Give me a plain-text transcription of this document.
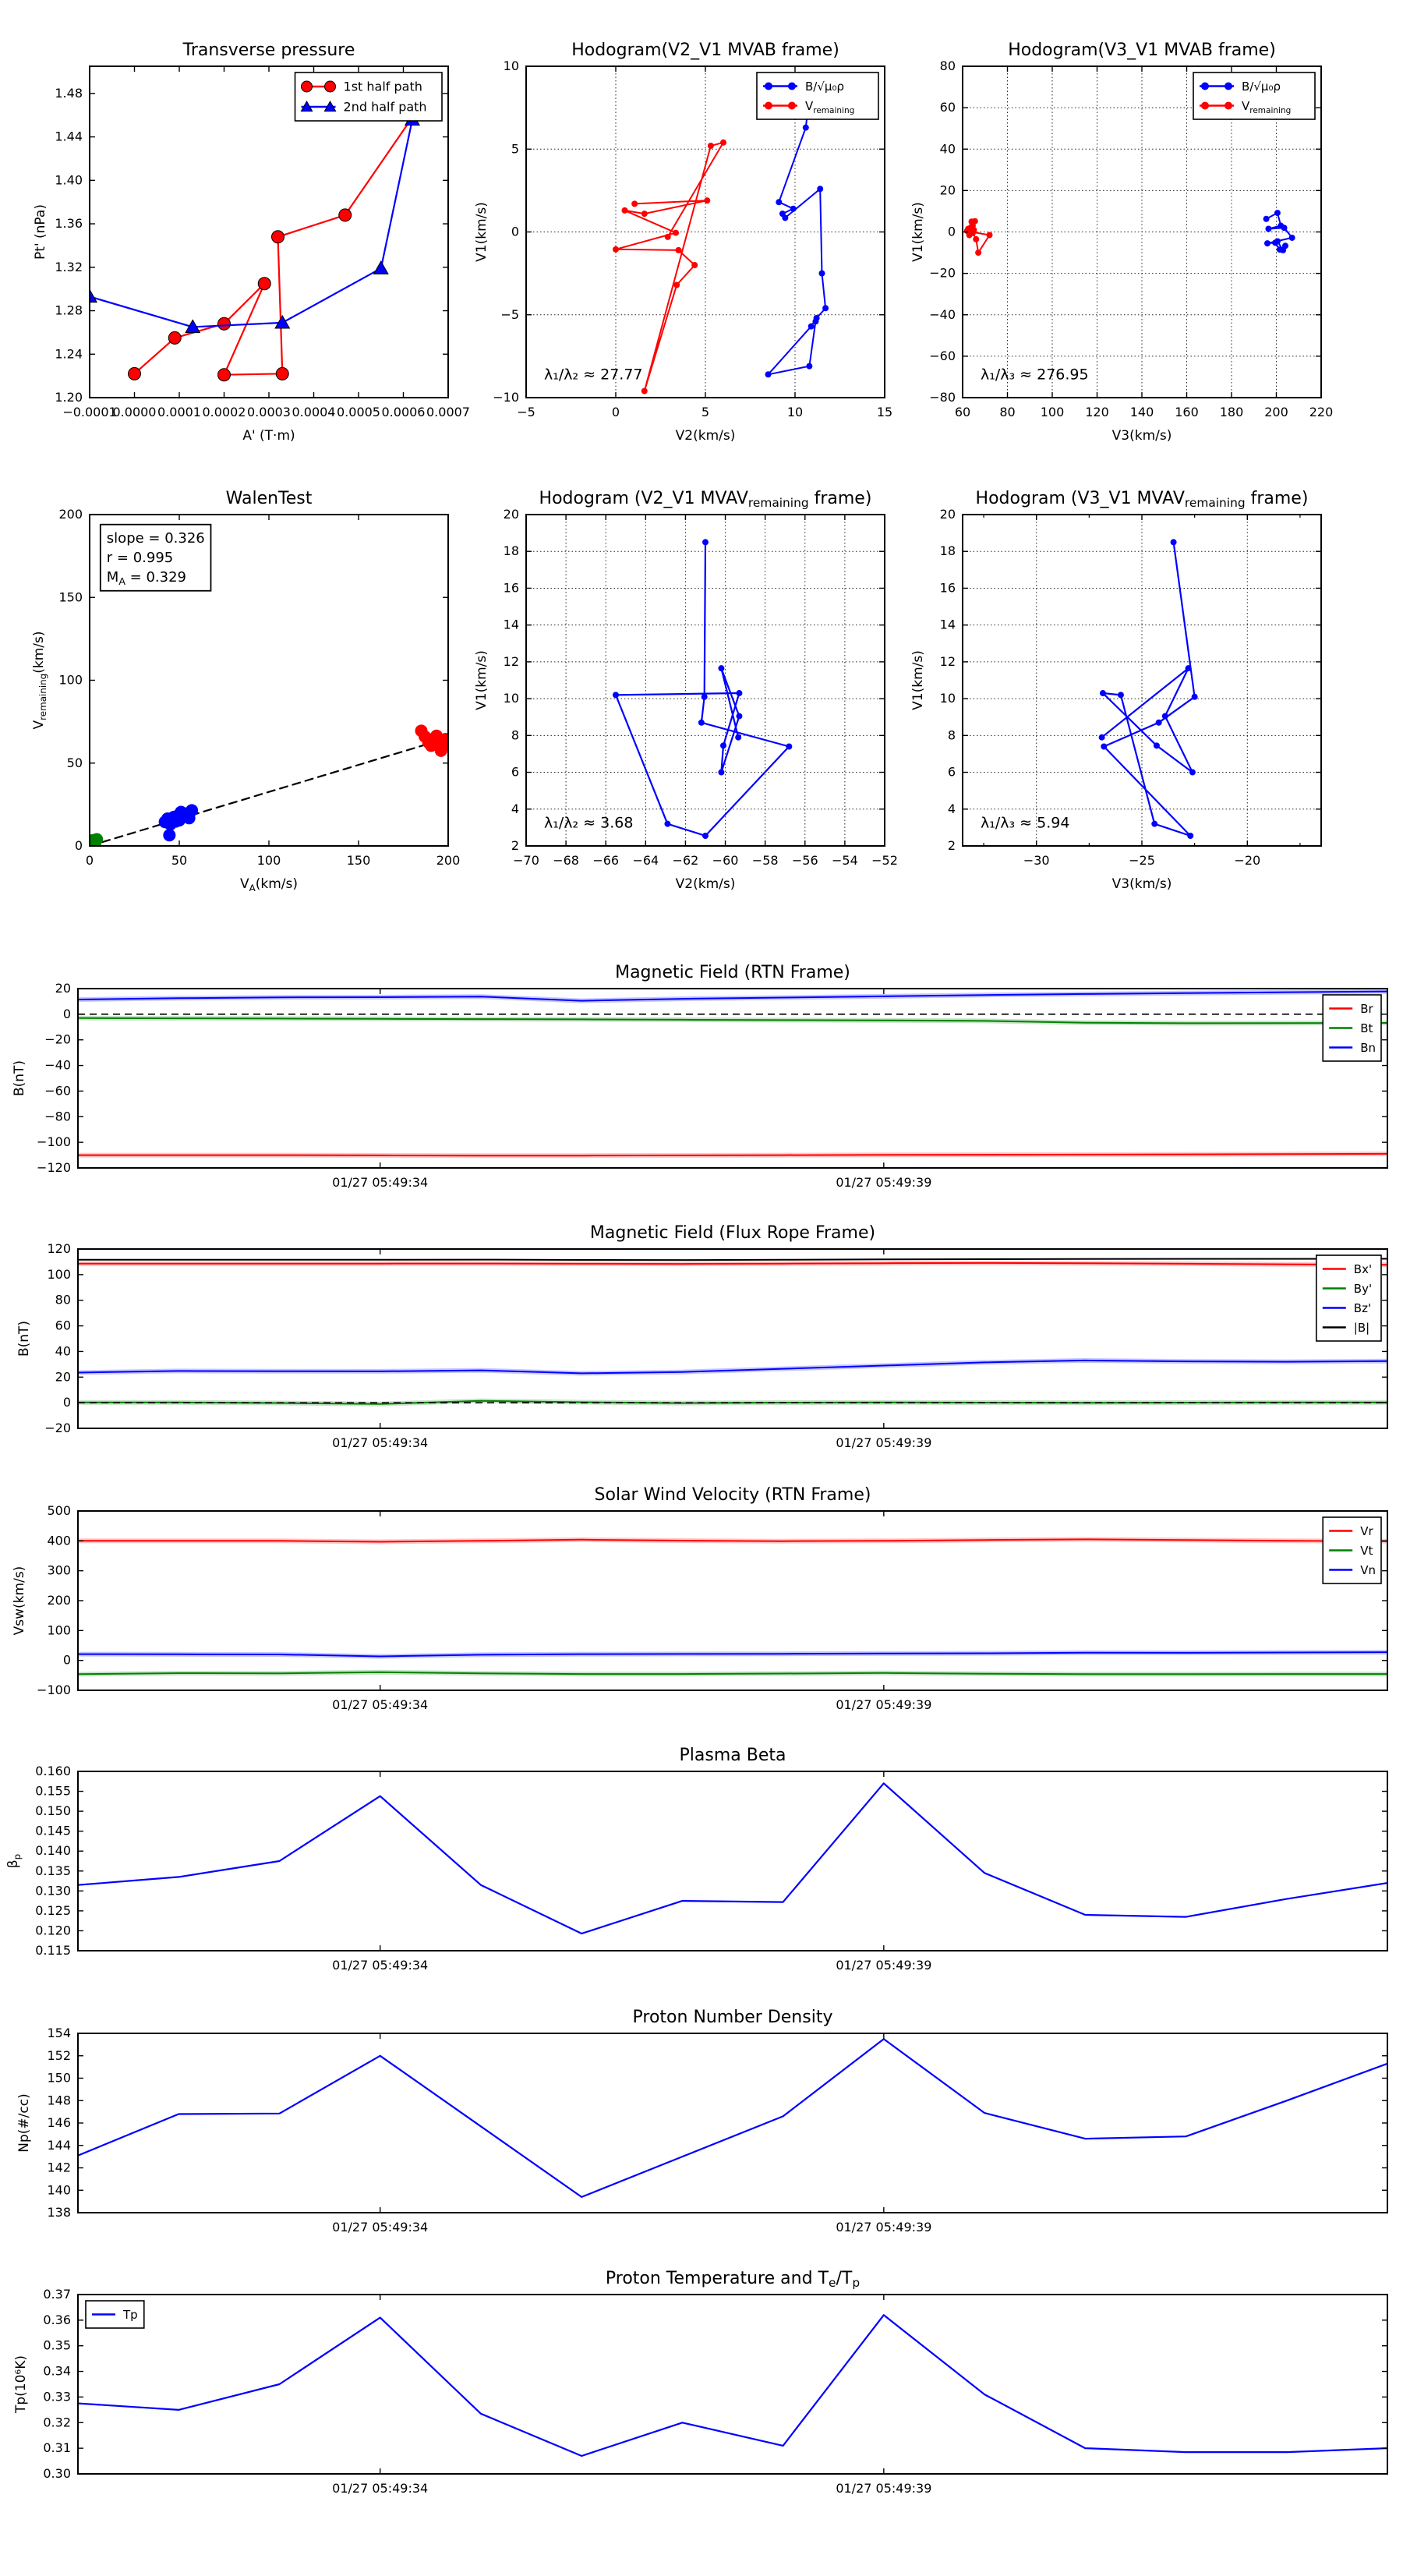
−0.0001
0.0000 0.0001 0.0002 0.0003 0.0004 0.0005 0.0006 0.0007
1.20
1.24
1.28
1.32
1.36
1.40
1.44
1.48
Transverse pressure
A' (T·m)
Pt' (nPa)
1st half path
2nd half path
−5	0	5	10	15
−10
−5
0
5
10
Hodogram(V2_V1 MVAB frame)
V2(km/s)
V1(km/s)
λ₁/λ₂ ≈ 27.77
B/√μ₀ρ
$V_{remaining}$
60 80 100 120 140 160 180 200 220
−80
−60
−40
−20
0
20
40
60
80
Hodogram(V3_V1 MVAB frame)
V3(km/s)
V1(km/s)
λ₁/λ₃ ≈ 276.95
B/√μ₀ρ
$V_{remaining}$
0	50	100	150	200
0
50
100
150
200
WalenTest
$V_A(km/s)$
$V_{remaining}(km/s)$
slope = 0.326
r = 0.995
$M_A = 0.329$
−70 −68 −66 −64 −62 −60 −58 −56 −54 −52
2
4
6
8
10
12
14
16
18
20
Hodogram (V2_V1 MVAVremaining frame)
V2(km/s)
V1(km/s)
λ₁/λ₂ ≈ 3.68
−30	−25	−20
2
4
6
8
10
12
14
16
18
20
Hodogram (V3_V1 MVAVremaining frame)
V3(km/s)
V1(km/s)
λ₁/λ₃ ≈ 5.94
01/27 05:49:34	01/27 05:49:39
20
0
−20
−40
−60
−80
−100
−120
Magnetic Field (RTN Frame)
B(nT)
Br
Bt
Bn
01/27 05:49:34	01/27 05:49:39
−20
0
20
40
60
80
100
120
Magnetic Field (Flux Rope Frame)
B(nT)
Bx'
By'
Bz'
|B|
01/27 05:49:34	01/27 05:49:39
−100
0
100
200
300
400
500
Solar Wind Velocity (RTN Frame)
Vsw(km/s)
Vr
Vt
Vn
01/27 05:49:34	01/27 05:49:39
0.115
0.120
0.125
0.130
0.135
0.140
0.145
0.150
0.155
0.160
Plasma Beta
$\beta_p$
01/27 05:49:34	01/27 05:49:39
138
140
142
144
146
148
150
152
154
Proton Number Density
Np(#/cc)
01/27 05:49:34	01/27 05:49:39
0.30
0.31
0.32
0.33
0.34
0.35
0.36
0.37
Proton Temperature and Te/Tp
Tp(10⁶K)
Tp
